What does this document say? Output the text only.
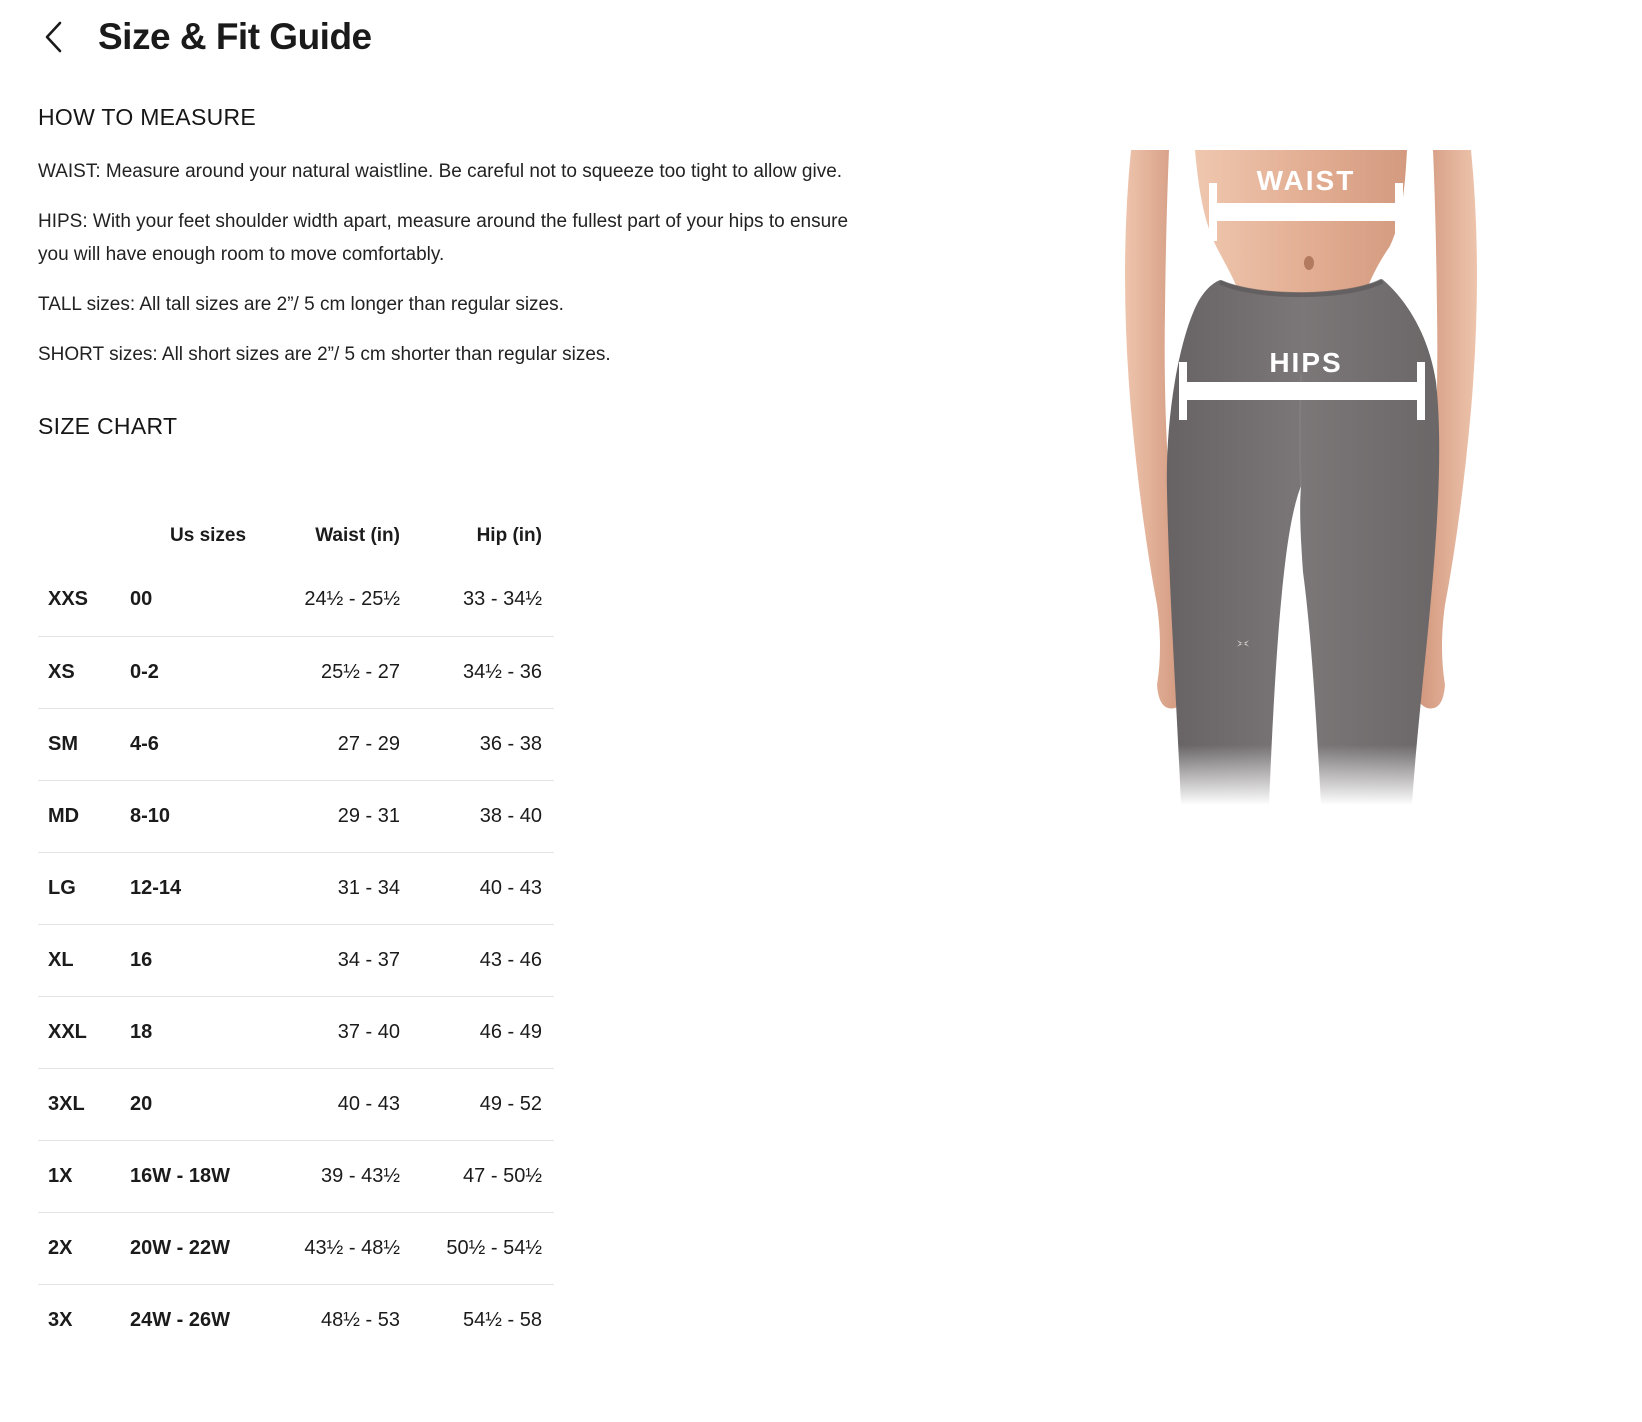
Size & Fit Guide
HOW TO MEASURE

WAIST: Measure around your natural waistline. Be careful not to squeeze too tight to allow give.

HIPS: With your feet shoulder width apart, measure around the fullest part of your hips to ensure you will have enough room to move comfortably.

TALL sizes: All tall sizes are 2”/ 5 cm longer than regular sizes.

SHORT sizes: All short sizes are 2”/ 5 cm shorter than regular sizes.

SIZE CHART
	Us sizes	Waist (in)	Hip (in)
XXS	00	24½ - 25½	33 - 34½
XS	0-2	25½ - 27	34½ - 36
SM	4-6	27 - 29	36 - 38
MD	8-10	29 - 31	38 - 40
LG	12-14	31 - 34	40 - 43
XL	16	34 - 37	43 - 46
XXL	18	37 - 40	46 - 49
3XL	20	40 - 43	49 - 52
1X	16W - 18W	39 - 43½	47 - 50½
2X	20W - 22W	43½ - 48½	50½ - 54½
3X	24W - 26W	48½ - 53	54½ - 58
WAIST
HIPS
